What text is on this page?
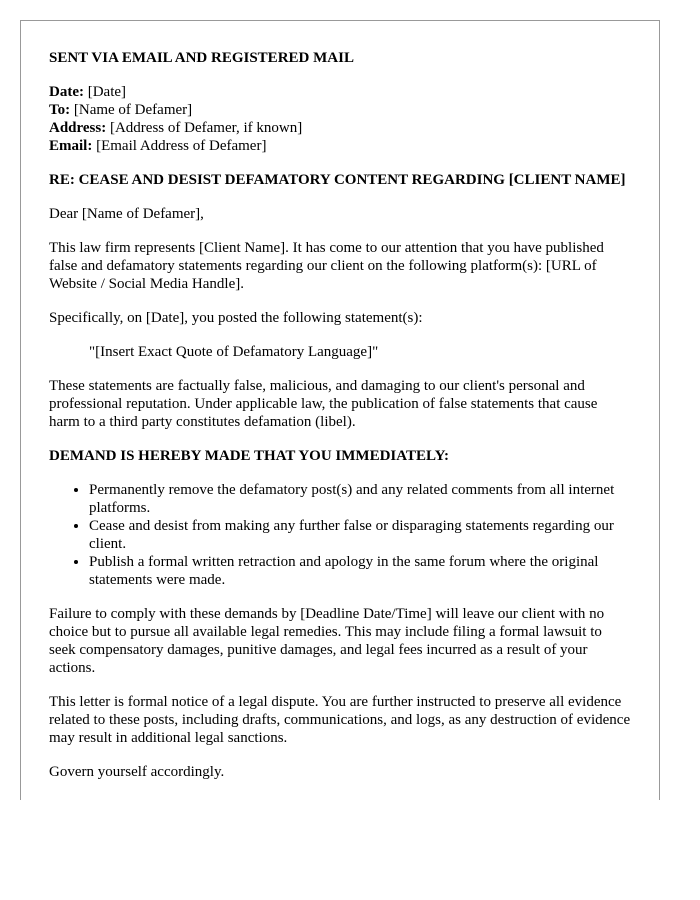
SENT VIA EMAIL AND REGISTERED MAIL
Date: [Date]
To: [Name of Defamer]
Address: [Address of Defamer, if known]
Email: [Email Address of Defamer]
RE: CEASE AND DESIST DEFAMATORY CONTENT REGARDING [CLIENT NAME]

Dear [Name of Defamer],

This law firm represents [Client Name]. It has come to our attention that you have published false and defamatory statements regarding our client on the following platform(s): [URL of Website / Social Media Handle].

Specifically, on [Date], you posted the following statement(s):

"[Insert Exact Quote of Defamatory Language]"

These statements are factually false, malicious, and damaging to our client's personal and professional reputation. Under applicable law, the publication of false statements that cause harm to a third party constitutes defamation (libel).

DEMAND IS HEREBY MADE THAT YOU IMMEDIATELY:
• Permanently remove the defamatory post(s) and any related comments from all internet platforms.
• Cease and desist from making any further false or disparaging statements regarding our client.
• Publish a formal written retraction and apology in the same forum where the original statements were made.

Failure to comply with these demands by [Deadline Date/Time] will leave our client with no choice but to pursue all available legal remedies. This may include filing a formal lawsuit to seek compensatory damages, punitive damages, and legal fees incurred as a result of your actions.

This letter is formal notice of a legal dispute. You are further instructed to preserve all evidence related to these posts, including drafts, communications, and logs, as any destruction of evidence may result in additional legal sanctions.

Govern yourself accordingly.
